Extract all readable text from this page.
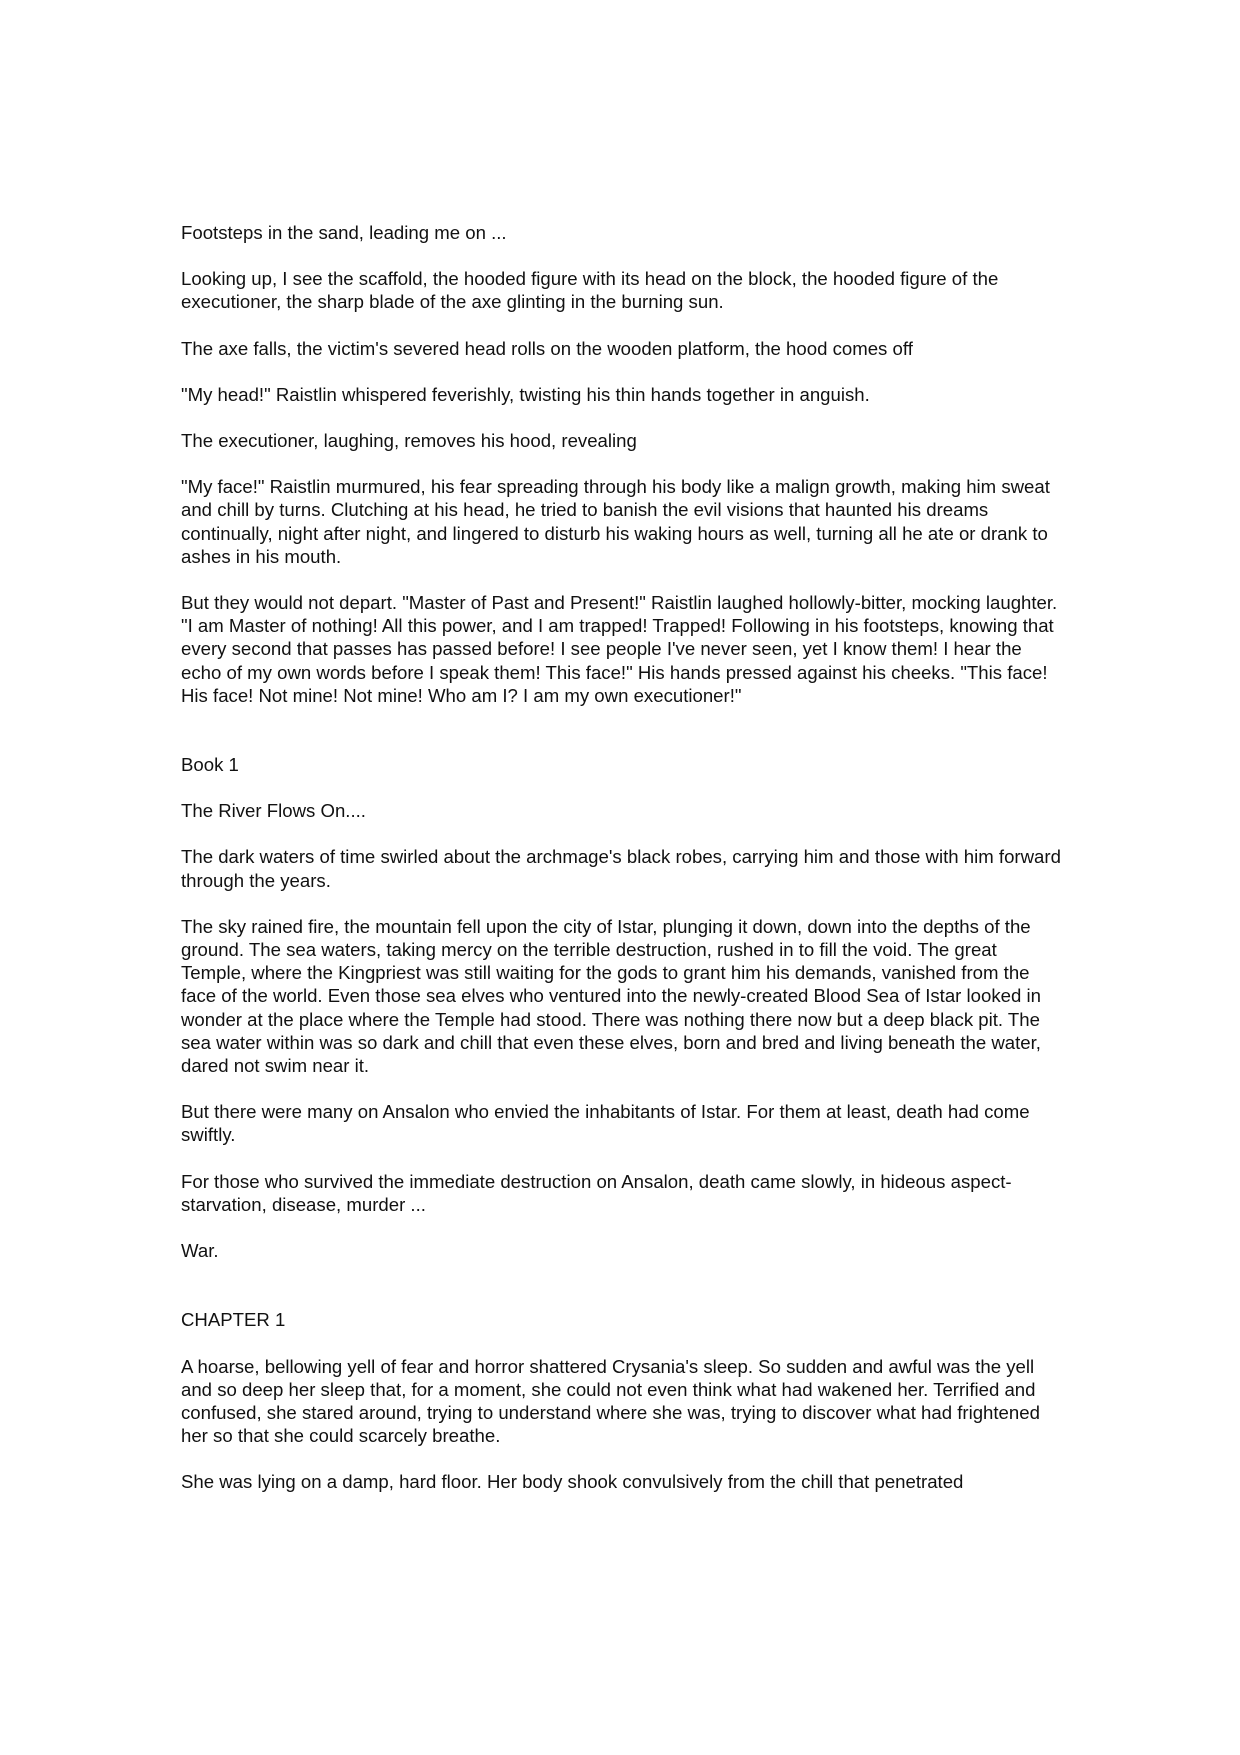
Footsteps in the sand, leading me on ...

Looking up, I see the scaffold, the hooded figure with its head on the block, the hooded figure of the executioner, the sharp blade of the axe glinting in the burning sun.

The axe falls, the victim's severed head rolls on the wooden platform, the hood comes off

"My head!" Raistlin whispered feverishly, twisting his thin hands together in anguish.

The executioner, laughing, removes his hood, revealing

"My face!" Raistlin murmured, his fear spreading through his body like a malign growth, making him sweat and chill by turns. Clutching at his head, he tried to banish the evil visions that haunted his dreams continually, night after night, and lingered to disturb his waking hours as well, turning all he ate or drank to ashes in his mouth.

But they would not depart. "Master of Past and Present!" Raistlin laughed hollowly-bitter, mocking laughter. "I am Master of nothing! All this power, and I am trapped! Trapped! Following in his footsteps, knowing that every second that passes has passed before! I see people I've never seen, yet I know them! I hear the echo of my own words before I speak them! This face!" His hands pressed against his cheeks. "This face! His face! Not mine! Not mine! Who am I? I am my own executioner!"

Book 1

The River Flows On....

The dark waters of time swirled about the archmage's black robes, carrying him and those with him forward through the years.

The sky rained fire, the mountain fell upon the city of Istar, plunging it down, down into the depths of the ground. The sea waters, taking mercy on the terrible destruction, rushed in to fill the void. The great Temple, where the Kingpriest was still waiting for the gods to grant him his demands, vanished from the face of the world. Even those sea elves who ventured into the newly-created Blood Sea of Istar looked in wonder at the place where the Temple had stood. There was nothing there now but a deep black pit. The sea water within was so dark and chill that even these elves, born and bred and living beneath the water, dared not swim near it.

But there were many on Ansalon who envied the inhabitants of Istar. For them at least, death had come swiftly.

For those who survived the immediate destruction on Ansalon, death came slowly, in hideous aspect-starvation, disease, murder ...

War.

CHAPTER 1

A hoarse, bellowing yell of fear and horror shattered Crysania's sleep. So sudden and awful was the yell and so deep her sleep that, for a moment, she could not even think what had wakened her. Terrified and confused, she stared around, trying to understand where she was, trying to discover what had frightened her so that she could scarcely breathe.

She was lying on a damp, hard floor. Her body shook convulsively from the chill that penetrated
